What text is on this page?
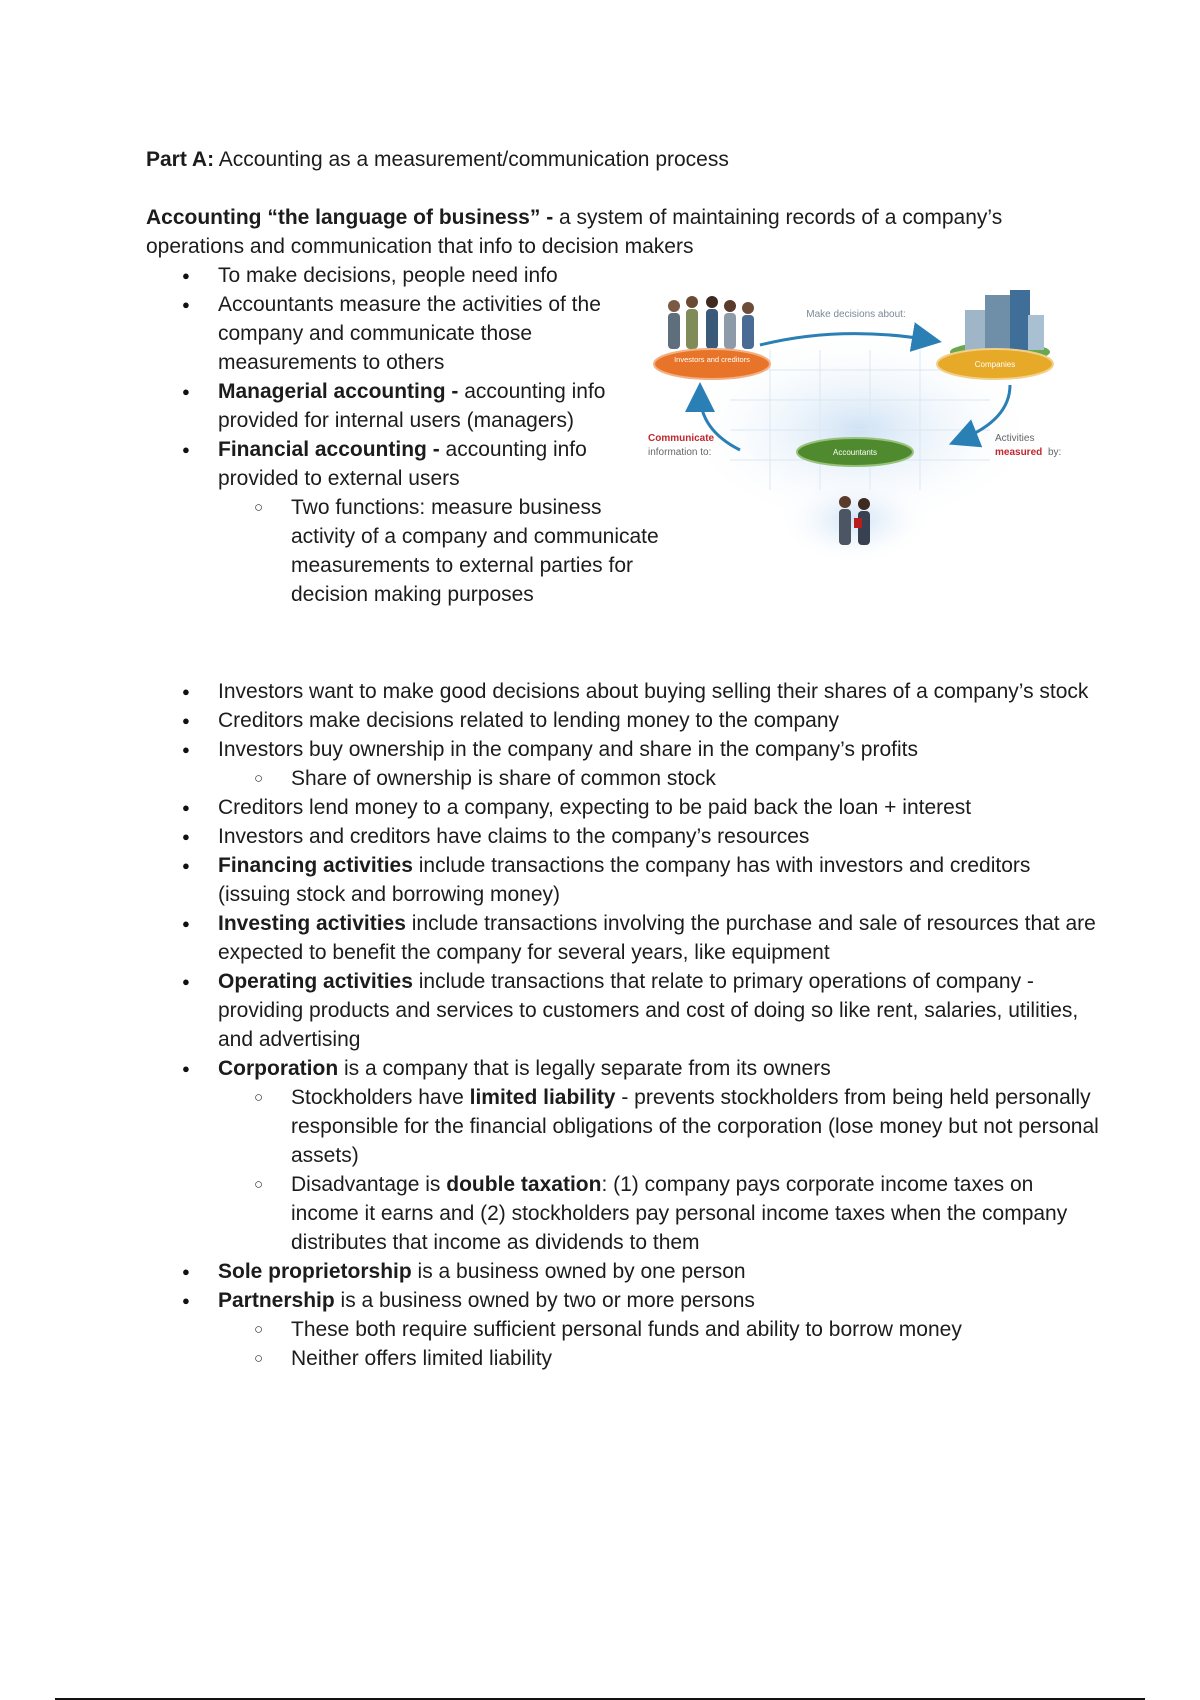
Part A: Accounting as a measurement/communication process
Accounting “the language of business” - a system of maintaining records of a company’s operations and communication that info to decision makers
● To make decisions, people need info
● Accountants measure the activities of the company and communicate those measurements to others
● Managerial accounting - accounting info provided for internal users (managers)
● Financial accounting - accounting info provided to external users
○ Two functions: measure business activity of a company and communicate measurements to external parties for decision making purposes
Make decisions about:
Investors and creditors
Companies
Accountants
Communicate
information to:
Activities
measured by:
● Investors want to make good decisions about buying selling their shares of a company’s stock
● Creditors make decisions related to lending money to the company
● Investors buy ownership in the company and share in the company’s profits
○ Share of ownership is share of common stock
● Creditors lend money to a company, expecting to be paid back the loan + interest
● Investors and creditors have claims to the company’s resources
● Financing activities include transactions the company has with investors and creditors (issuing stock and borrowing money)
● Investing activities include transactions involving the purchase and sale of resources that are expected to benefit the company for several years, like equipment
● Operating activities include transactions that relate to primary operations of company - providing products and services to customers and cost of doing so like rent, salaries, utilities, and advertising
● Corporation is a company that is legally separate from its owners
○ Stockholders have limited liability - prevents stockholders from being held personally responsible for the financial obligations of the corporation (lose money but not personal assets)
○ Disadvantage is double taxation: (1) company pays corporate income taxes on income it earns and (2) stockholders pay personal income taxes when the company distributes that income as dividends to them
● Sole proprietorship is a business owned by one person
● Partnership is a business owned by two or more persons
○ These both require sufficient personal funds and ability to borrow money
○ Neither offers limited liability
